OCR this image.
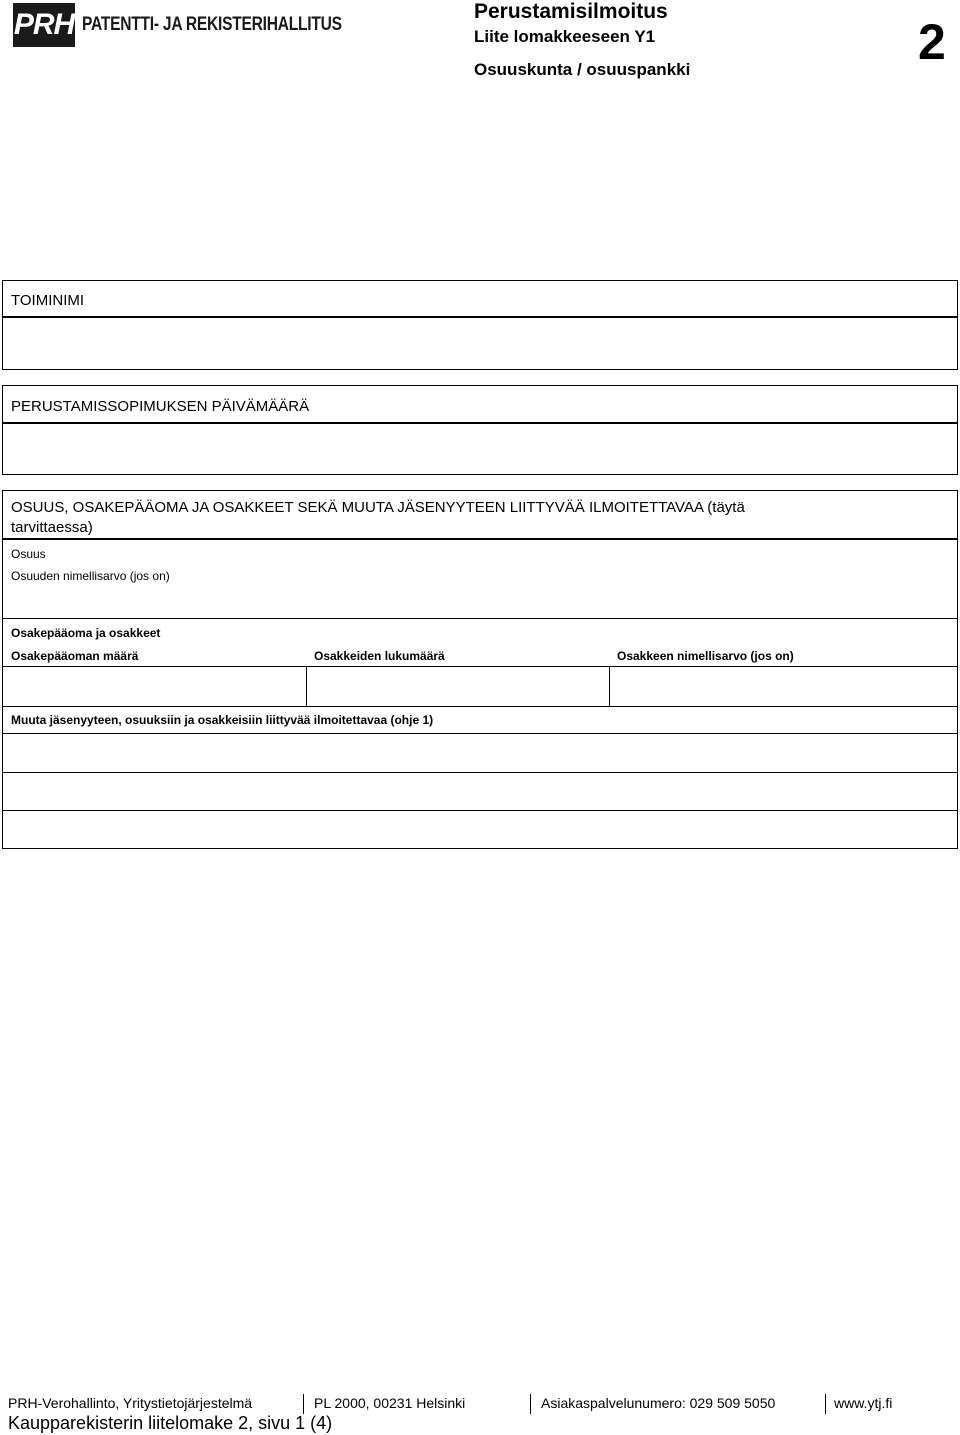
PRH PATENTTI- JA REKISTERIHALLITUS
Perustamisilmoitus
Liite lomakkeeseen Y1
Osuuskunta / osuuspankki	2
TOIMINIMI
PERUSTAMISSOPIMUKSEN PÄIVÄMÄÄRÄ
OSUUS, OSAKEPÄÄOMA JA OSAKKEET SEKÄ MUUTA JÄSENYYTEEN LIITTYVÄÄ ILMOITETTAVAA (täytä
tarvittaessa)
Osuus
Osuuden nimellisarvo (jos on)
Osakepääoma ja osakkeet
Osakepääoman määrä	Osakkeiden lukumäärä	Osakkeen nimellisarvo (jos on)
Muuta jäsenyyteen, osuuksiin ja osakkeisiin liittyvää ilmoitettavaa (ohje 1)
PRH-Verohallinto, Yritystietojärjestelmä	PL 2000, 00231 Helsinki	Asiakaspalvelunumero: 029 509 5050	www.ytj.fi
Kaupparekisterin liitelomake 2, sivu 1 (4)
